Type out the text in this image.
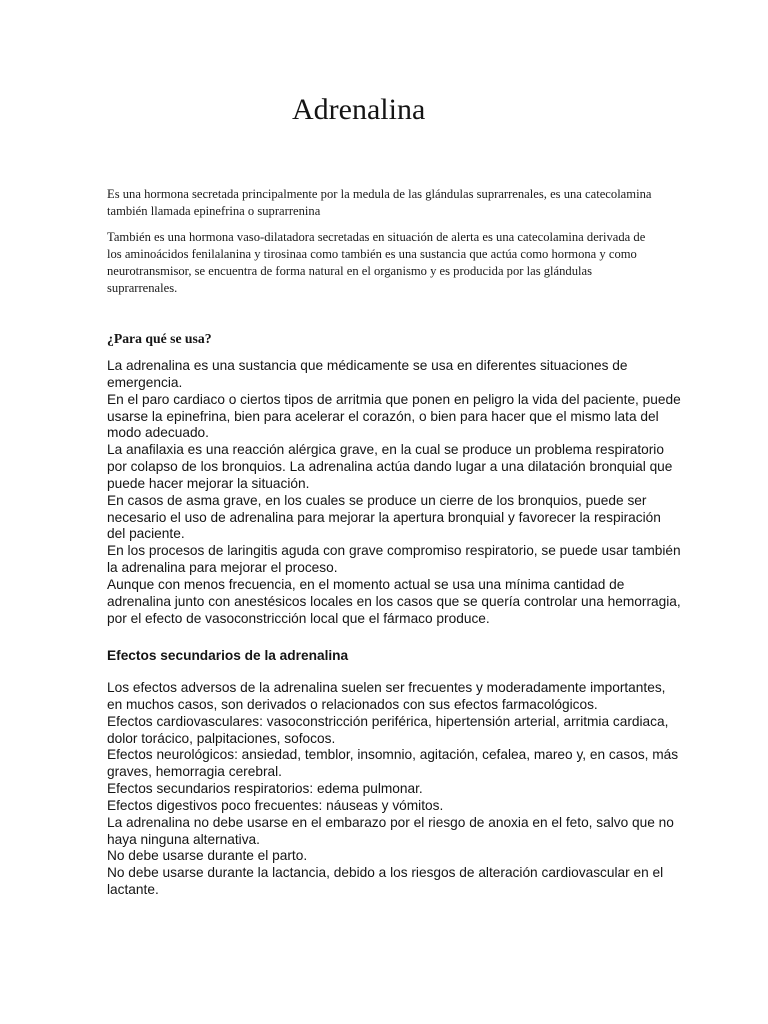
Adrenalina

Es una hormona secretada principalmente por la medula de las glándulas suprarrenales, es una catecolamina
también llamada epinefrina o suprarrenina

También es una hormona vaso-dilatadora secretadas en situación de alerta es una catecolamina derivada de
los aminoácidos fenilalanina y tirosinaa como también es una sustancia que actúa como hormona y como
neurotransmisor, se encuentra de forma natural en el organismo y es producida por las glándulas
suprarrenales.

¿Para qué se usa?

La adrenalina es una sustancia que médicamente se usa en diferentes situaciones de
emergencia.

En el paro cardiaco o ciertos tipos de arritmia que ponen en peligro la vida del paciente, puede
usarse la epinefrina, bien para acelerar el corazón, o bien para hacer que el mismo lata del
modo adecuado.

La anafilaxia es una reacción alérgica grave, en la cual se produce un problema respiratorio
por colapso de los bronquios. La adrenalina actúa dando lugar a una dilatación bronquial que
puede hacer mejorar la situación.

En casos de asma grave, en los cuales se produce un cierre de los bronquios, puede ser
necesario el uso de adrenalina para mejorar la apertura bronquial y favorecer la respiración
del paciente.

En los procesos de laringitis aguda con grave compromiso respiratorio, se puede usar también
la adrenalina para mejorar el proceso.

Aunque con menos frecuencia, en el momento actual se usa una mínima cantidad de
adrenalina junto con anestésicos locales en los casos que se quería controlar una hemorragia,
por el efecto de vasoconstricción local que el fármaco produce.

Efectos secundarios de la adrenalina

Los efectos adversos de la adrenalina suelen ser frecuentes y moderadamente importantes,
en muchos casos, son derivados o relacionados con sus efectos farmacológicos.

Efectos cardiovasculares: vasoconstricción periférica, hipertensión arterial, arritmia cardiaca,
dolor torácico, palpitaciones, sofocos.

Efectos neurológicos: ansiedad, temblor, insomnio, agitación, cefalea, mareo y, en casos, más
graves, hemorragia cerebral.

Efectos secundarios respiratorios: edema pulmonar.

Efectos digestivos poco frecuentes: náuseas y vómitos.

La adrenalina no debe usarse en el embarazo por el riesgo de anoxia en el feto, salvo que no
haya ninguna alternativa.

No debe usarse durante el parto.

No debe usarse durante la lactancia, debido a los riesgos de alteración cardiovascular en el
lactante.
